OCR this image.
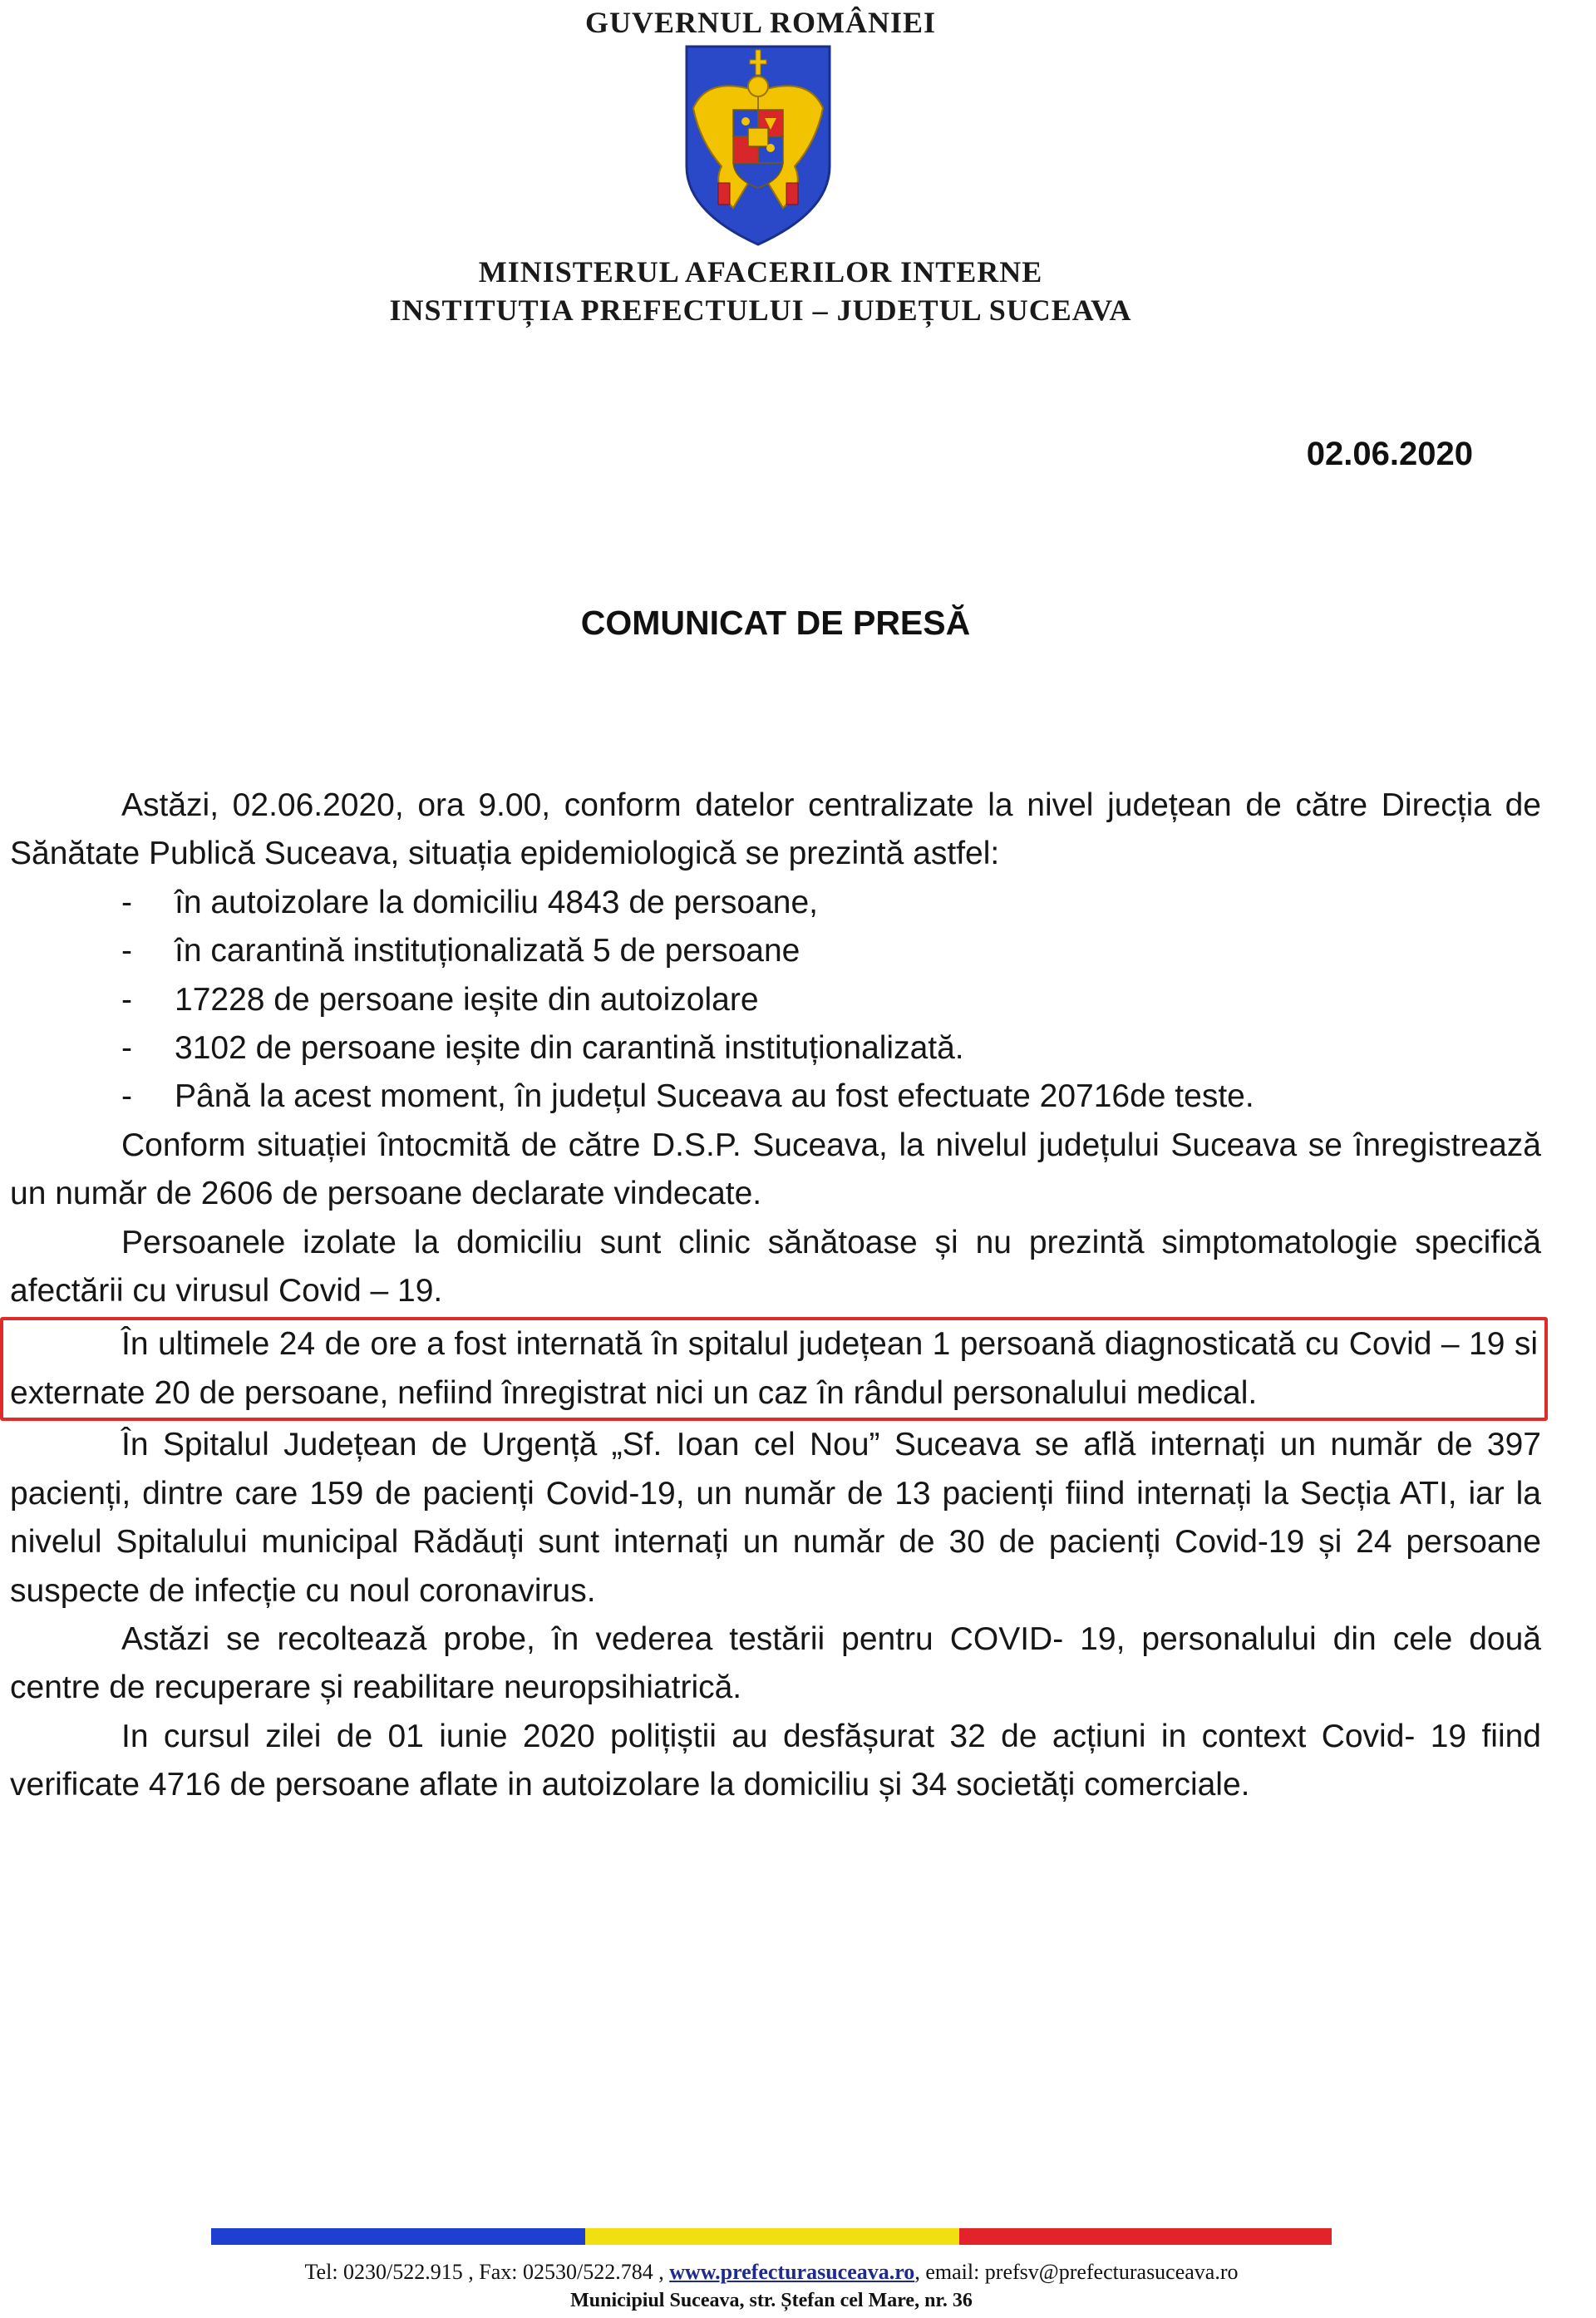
GUVERNUL ROMÂNIEI
MINISTERUL AFACERILOR INTERNE
INSTITUȚIA PREFECTULUI – JUDEȚUL SUCEAVA
02.06.2020
COMUNICAT DE PRESĂ

Astăzi, 02.06.2020, ora 9.00, conform datelor centralizate la nivel județean de către Direcția de Sănătate Publică Suceava, situația epidemiologică se prezintă astfel:

- în autoizolare la domiciliu 4843 de persoane,
- în carantină instituționalizată 5 de persoane
- 17228 de persoane ieșite din autoizolare
- 3102 de persoane ieșite din carantină instituționalizată.
- Până la acest moment, în județul Suceava au fost efectuate 20716de teste.

Conform situației întocmită de către D.S.P. Suceava, la nivelul județului Suceava se înregistrează un număr de 2606 de persoane declarate vindecate.

Persoanele izolate la domiciliu sunt clinic sănătoase și nu prezintă simptomatologie specifică afectării cu virusul Covid – 19.

În ultimele 24 de ore a fost internată în spitalul județean 1 persoană diagnosticată cu Covid – 19 si externate 20 de persoane, nefiind înregistrat nici un caz în rândul personalului medical.

În Spitalul Județean de Urgență „Sf. Ioan cel Nou” Suceava se află internați un număr de 397 pacienți, dintre care 159 de pacienți Covid-19, un număr de 13 pacienți fiind internați la Secția ATI, iar la nivelul Spitalului municipal Rădăuți sunt internați un număr de 30 de pacienți Covid-19 și 24 persoane suspecte de infecție cu noul coronavirus.

Astăzi se recoltează probe, în vederea testării pentru COVID- 19, personalului din cele două centre de recuperare și reabilitare neuropsihiatrică.

In cursul zilei de 01 iunie 2020 polițiștii au desfășurat 32 de acțiuni in context Covid- 19 fiind verificate 4716 de persoane aflate in autoizolare la domiciliu și 34 societăți comerciale.

Tel: 0230/522.915 , Fax: 02530/522.784 , www.prefecturasuceava.ro, email: prefsv@prefecturasuceava.ro
Municipiul Suceava, str. Ștefan cel Mare, nr. 36
